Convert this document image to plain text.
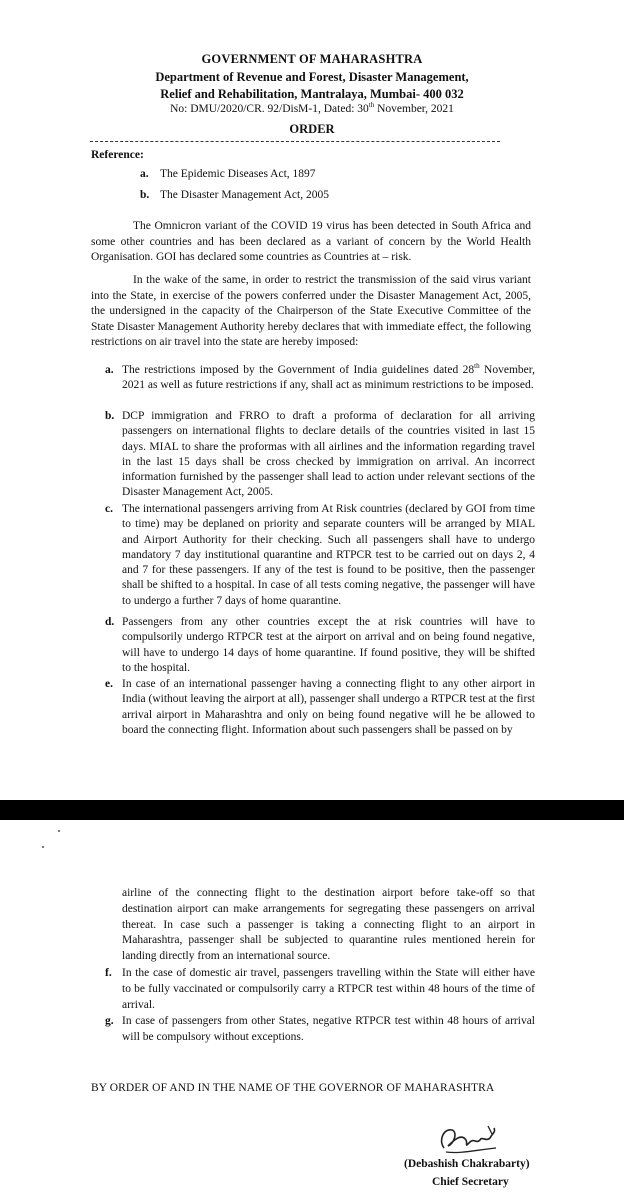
GOVERNMENT OF MAHARASHTRA
Department of Revenue and Forest, Disaster Management,
Relief and Rehabilitation, Mantralaya, Mumbai- 400 032
No: DMU/2020/CR. 92/DisM-1, Dated: 30th November, 2021
ORDER
Reference:
a. The Epidemic Diseases Act, 1897
b. The Disaster Management Act, 2005

The Omnicron variant of the COVID 19 virus has been detected in South Africa and some other countries and has been declared as a variant of concern by the World Health Organisation. GOI has declared some countries as Countries at – risk.

In the wake of the same, in order to restrict the transmission of the said virus variant into the State, in exercise of the powers conferred under the Disaster Management Act, 2005, the undersigned in the capacity of the Chairperson of the State Executive Committee of the State Disaster Management Authority hereby declares that with immediate effect, the following restrictions on air travel into the state are hereby imposed:

a. The restrictions imposed by the Government of India guidelines dated 28th November, 2021 as well as future restrictions if any, shall act as minimum restrictions to be imposed.
b. DCP immigration and FRRO to draft a proforma of declaration for all arriving passengers on international flights to declare details of the countries visited in last 15 days. MIAL to share the proformas with all airlines and the information regarding travel in the last 15 days shall be cross checked by immigration on arrival. An incorrect information furnished by the passenger shall lead to action under relevant sections of the Disaster Management Act, 2005.
c. The international passengers arriving from At Risk countries (declared by GOI from time to time) may be deplaned on priority and separate counters will be arranged by MIAL and Airport Authority for their checking. Such all passengers shall have to undergo mandatory 7 day institutional quarantine and RTPCR test to be carried out on days 2, 4 and 7 for these passengers. If any of the test is found to be positive, then the passenger shall be shifted to a hospital. In case of all tests coming negative, the passenger will have to undergo a further 7 days of home quarantine.
d. Passengers from any other countries except the at risk countries will have to compulsorily undergo RTPCR test at the airport on arrival and on being found negative, will have to undergo 14 days of home quarantine. If found positive, they will be shifted to the hospital.
e. In case of an international passenger having a connecting flight to any other airport in India (without leaving the airport at all), passenger shall undergo a RTPCR test at the first arrival airport in Maharashtra and only on being found negative will he be allowed to board the connecting flight. Information about such passengers shall be passed on by
airline of the connecting flight to the destination airport before take-off so that destination airport can make arrangements for segregating these passengers on arrival thereat. In case such a passenger is taking a connecting flight to an airport in Maharashtra, passenger shall be subjected to quarantine rules mentioned herein for landing directly from an international source.
f. In the case of domestic air travel, passengers travelling within the State will either have to be fully vaccinated or compulsorily carry a RTPCR test within 48 hours of the time of arrival.
g. In case of passengers from other States, negative RTPCR test within 48 hours of arrival will be compulsory without exceptions.
BY ORDER OF AND IN THE NAME OF THE GOVERNOR OF MAHARASHTRA
(Debashish Chakrabarty)
Chief Secretary
